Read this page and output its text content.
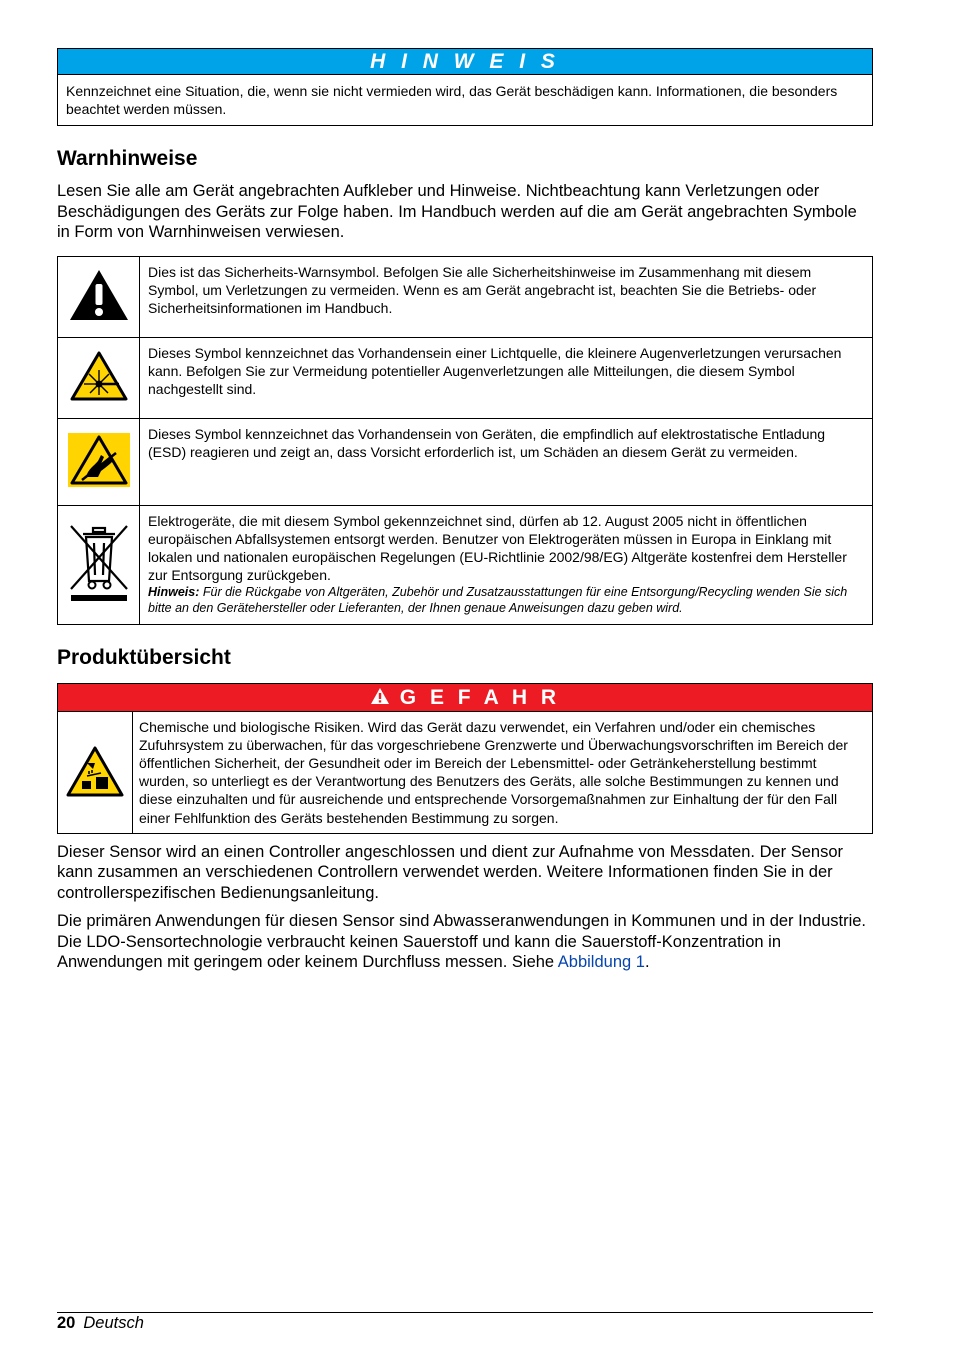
H I N W E I S
Kennzeichnet eine Situation, die, wenn sie nicht vermieden wird, das Gerät beschädigen kann. Informationen, die besonders beachtet werden müssen.
Warnhinweise

Lesen Sie alle am Gerät angebrachten Aufkleber und Hinweise. Nichtbeachtung kann Verletzungen oder Beschädigungen des Geräts zur Folge haben. Im Handbuch werden auf die am Gerät angebrachten Symbole in Form von Warnhinweisen verwiesen.

	Dies ist das Sicherheits-Warnsymbol. Befolgen Sie alle Sicherheitshinweise im Zusammenhang mit diesem Symbol, um Verletzungen zu vermeiden. Wenn es am Gerät angebracht ist, beachten Sie die Betriebs- oder Sicherheitsinformationen im Handbuch.
	Dieses Symbol kennzeichnet das Vorhandensein einer Lichtquelle, die kleinere Augenverletzungen verursachen kann. Befolgen Sie zur Vermeidung potentieller Augenverletzungen alle Mitteilungen, die diesem Symbol nachgestellt sind.
	Dieses Symbol kennzeichnet das Vorhandensein von Geräten, die empfindlich auf elektrostatische Entladung (ESD) reagieren und zeigt an, dass Vorsicht erforderlich ist, um Schäden an diesem Gerät zu vermeiden.

Elektrogeräte, die mit diesem Symbol gekennzeichnet sind, dürfen ab 12. August 2005 nicht in öffentlichen europäischen Abfallsystemen entsorgt werden. Benutzer von Elektrogeräten müssen in Europa in Einklang mit lokalen und nationalen europäischen Regelungen (EU-Richtlinie 2002/98/EG) Altgeräte kostenfrei dem Hersteller zur Entsorgung zurückgeben.
Hinweis: Für die Rückgabe von Altgeräten, Zubehör und Zusatzausstattungen für eine Entsorgung/Recycling wenden Sie sich bitte an den Gerätehersteller oder Lieferanten, der Ihnen genaue Anweisungen dazu geben wird.
Produktübersicht
G E F A H R
Chemische und biologische Risiken. Wird das Gerät dazu verwendet, ein Verfahren und/oder ein chemisches Zufuhrsystem zu überwachen, für das vorgeschriebene Grenzwerte und Überwachungsvorschriften im Bereich der öffentlichen Sicherheit, der Gesundheit oder im Bereich der Lebensmittel- oder Getränkeherstellung bestimmt wurden, so unterliegt es der Verantwortung des Benutzers des Geräts, alle solche Bestimmungen zu kennen und diese einzuhalten und für ausreichende und entsprechende Vorsorgemaßnahmen zur Einhaltung der für den Fall einer Fehlfunktion des Geräts bestehenden Bestimmung zu sorgen.

Dieser Sensor wird an einen Controller angeschlossen und dient zur Aufnahme von Messdaten. Der Sensor kann zusammen an verschiedenen Controllern verwendet werden. Weitere Informationen finden Sie in der controllerspezifischen Bedienungsanleitung.

Die primären Anwendungen für diesen Sensor sind Abwasseranwendungen in Kommunen und in der Industrie. Die LDO-Sensortechnologie verbraucht keinen Sauerstoff und kann die Sauerstoff-Konzentration in Anwendungen mit geringem oder keinem Durchfluss messen. Siehe Abbildung 1.

20 Deutsch
